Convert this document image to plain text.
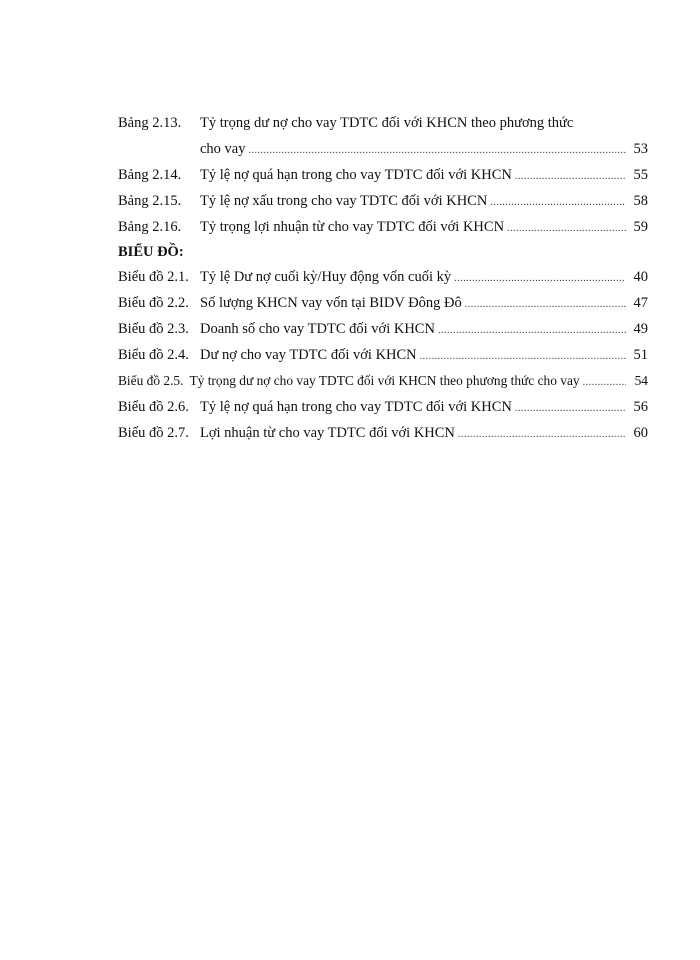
Bảng 2.13.	Tỷ trọng dư nợ cho vay TDTC đối với KHCN theo phương thức
cho vay .....	53
Bảng 2.14.	Tỷ lệ nợ quá hạn trong cho vay TDTC đối với KHCN .....	55
Bảng 2.15.	Tỷ lệ nợ xấu trong cho vay TDTC đối với KHCN .....	58
Bảng 2.16.	Tỷ trọng lợi nhuận từ cho vay TDTC đối với KHCN .....	59
BIỂU ĐỒ:
Biểu đồ 2.1. Tỷ lệ Dư nợ cuối kỳ/Huy động vốn cuối kỳ .....	40
Biểu đồ 2.2. Số lượng KHCN vay vốn tại BIDV Đông Đô .....	47
Biểu đồ 2.3. Doanh số cho vay TDTC đối với KHCN .....	49
Biểu đồ 2.4. Dư nợ cho vay TDTC đối với KHCN .....	51
Biểu đồ 2.5. Tỷ trọng dư nợ cho vay TDTC đối với KHCN theo phương thức cho vay .....	54
Biểu đồ 2.6. Tỷ lệ nợ quá hạn trong cho vay TDTC đối với KHCN .....	56
Biểu đồ 2.7. Lợi nhuận từ cho vay TDTC đối với KHCN .....	60
